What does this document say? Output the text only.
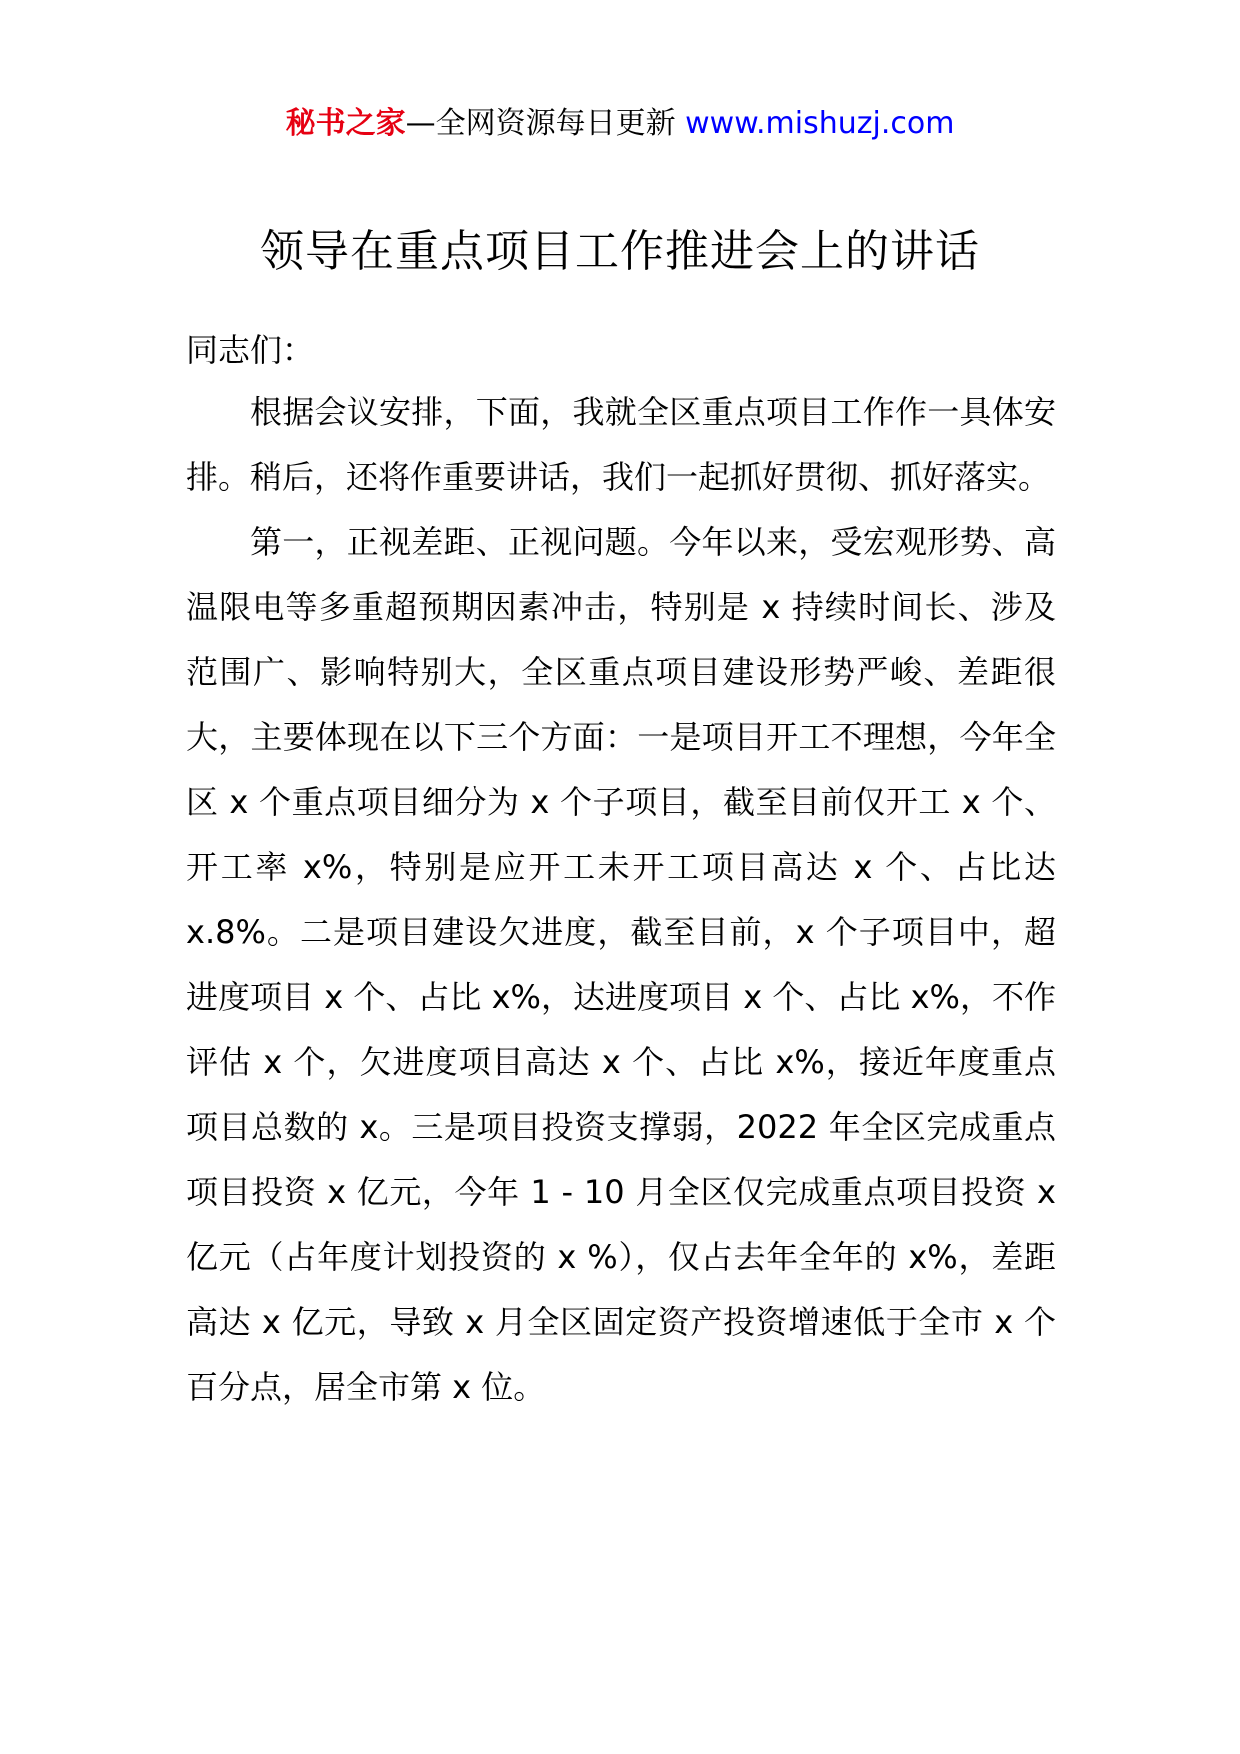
秘书之家—全网资源每日更新 www.mishuzj.com
领导在重点项目工作推进会上的讲话

同志们：

根据会议安排，下面，我就全区重点项目工作作一具体安排。稍后，还将作重要讲话，我们一起抓好贯彻、抓好落实。

第一，正视差距、正视问题。今年以来，受宏观形势、高温限电等多重超预期因素冲击，特别是 x 持续时间长、涉及范围广、影响特别大，全区重点项目建设形势严峻、差距很大，主要体现在以下三个方面：一是项目开工不理想，今年全区 x 个重点项目细分为 x 个子项目，截至目前仅开工 x 个、开工率 x%，特别是应开工未开工项目高达 x 个、占比达 x.8%。二是项目建设欠进度，截至目前，x 个子项目中，超进度项目 x 个、占比 x%，达进度项目 x 个、占比 x%，不作评估 x 个，欠进度项目高达 x 个、占比 x%，接近年度重点项目总数的 x。三是项目投资支撑弱，2022 年全区完成重点项目投资 x 亿元，今年 1 - 10 月全区仅完成重点项目投资 x 亿元（占年度计划投资的 x %），仅占去年全年的 x%，差距高达 x 亿元，导致 x 月全区固定资产投资增速低于全市 x 个百分点，居全市第 x 位。
